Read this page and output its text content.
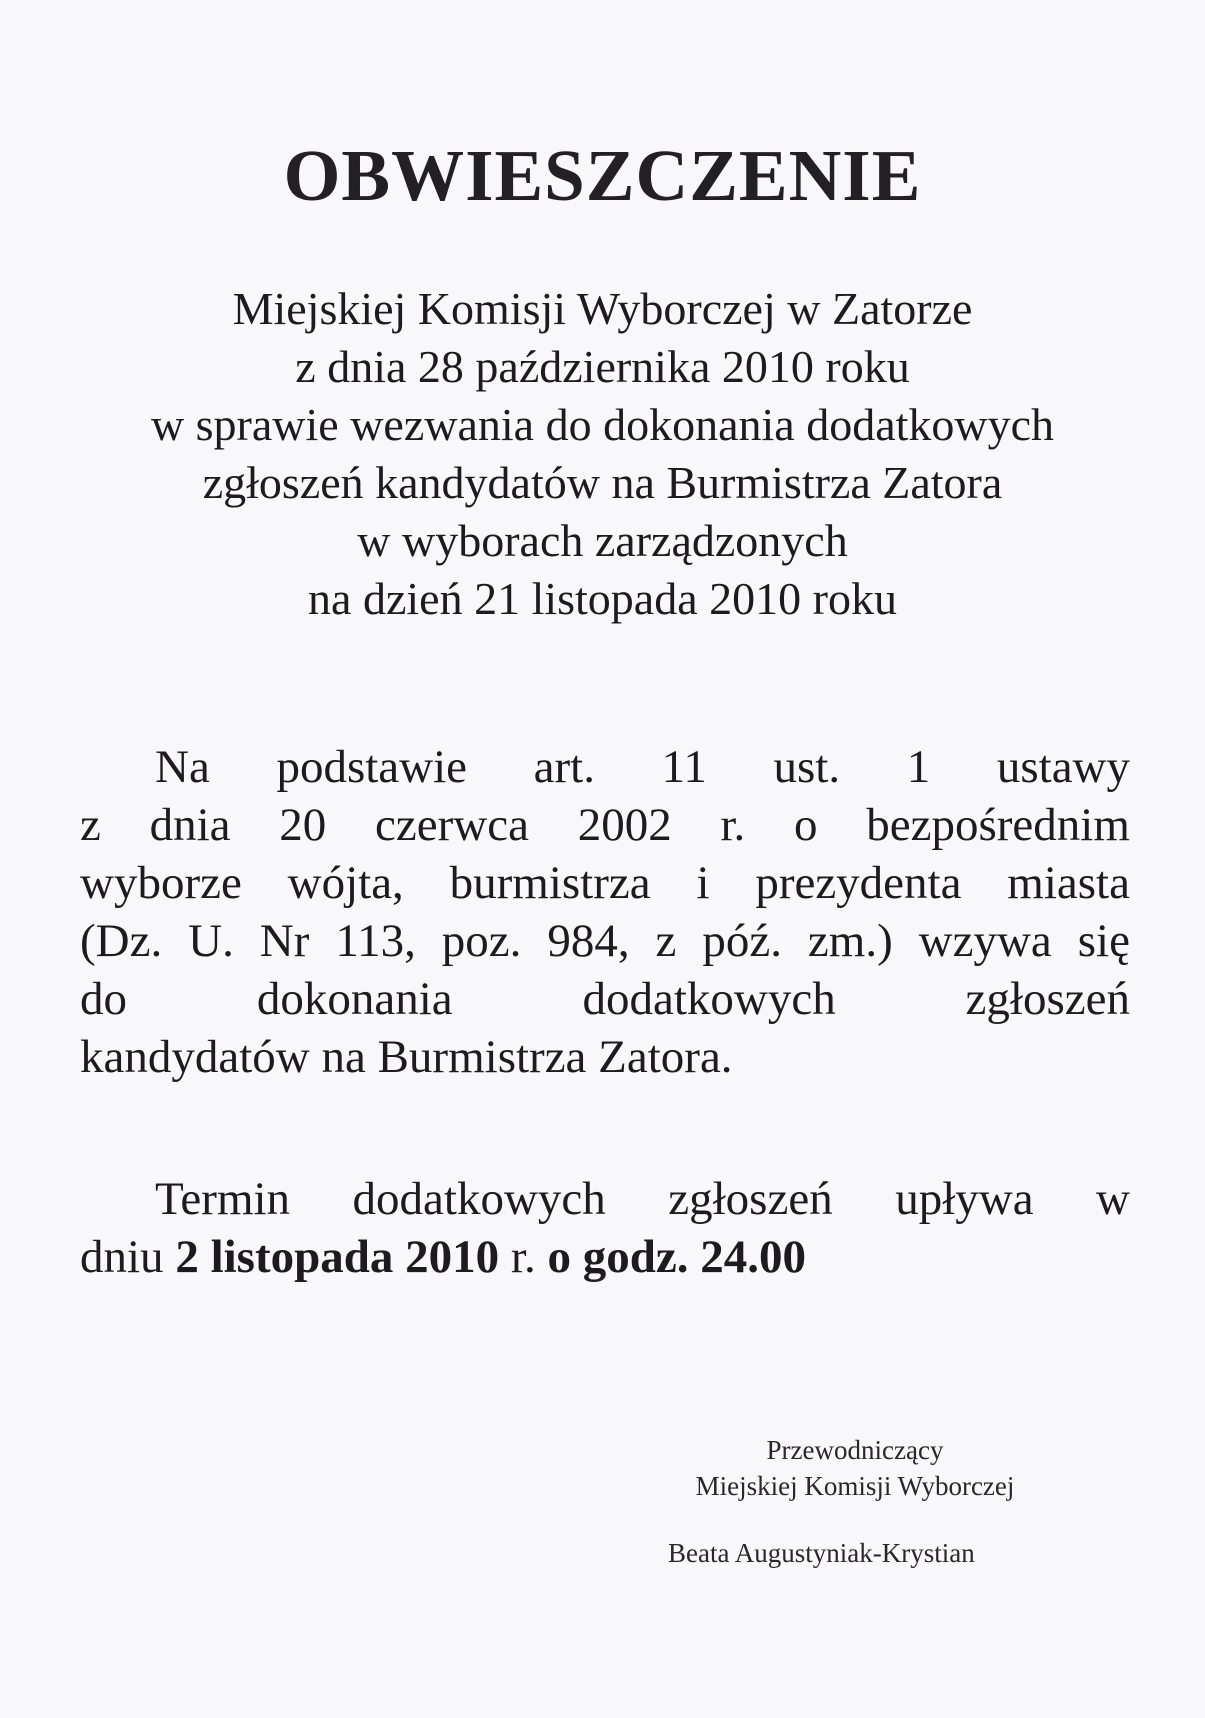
OBWIESZCZENIE
Miejskiej Komisji Wyborczej w Zatorze
z dnia 28 października 2010 roku
w sprawie wezwania do dokonania dodatkowych
zgłoszeń kandydatów na Burmistrza Zatora
w wyborach zarządzonych
na dzień 21 listopada 2010 roku
Na podstawie art. 11 ust. 1 ustawy
z dnia 20 czerwca 2002 r. o bezpośrednim
wyborze wójta, burmistrza i prezydenta miasta
(Dz. U. Nr 113, poz. 984, z póź. zm.) wzywa się
do	dokonania	dodatkowych	zgłoszeń
kandydatów na Burmistrza Zatora.
Termin dodatkowych zgłoszeń upływa w
dniu 2 listopada 2010 r. o godz. 24.00
Przewodniczący
Miejskiej Komisji Wyborczej
Beata Augustyniak-Krystian
